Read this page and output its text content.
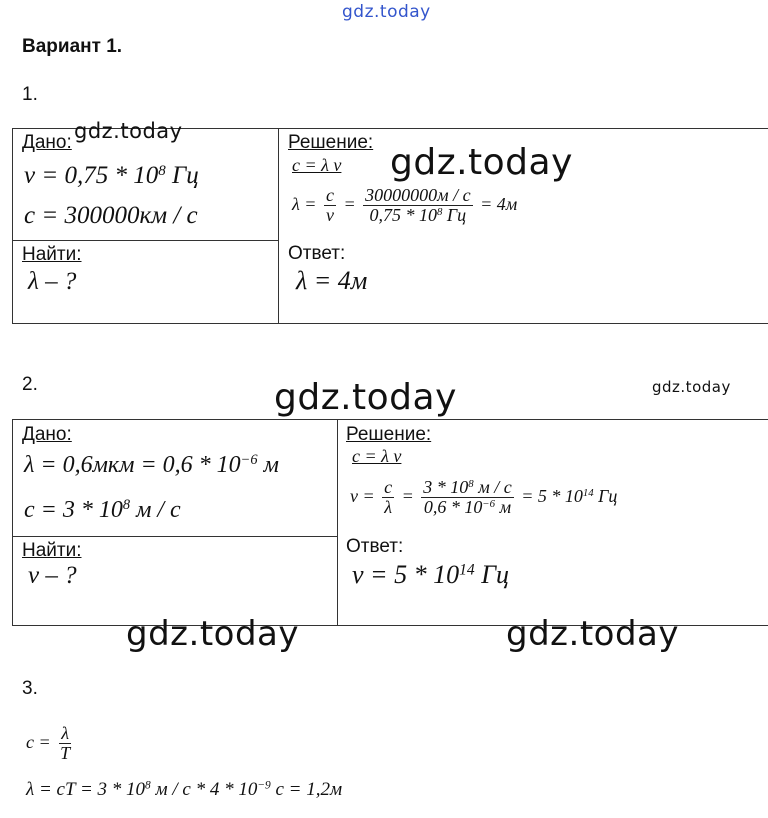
gdz.today
Вариант 1.
1.
Дано: gdz.today
$\nu = 0,75 * 10^8$ Гц
c = 300000км / с
Найти:
λ – ?
Решение:
c = λ ν gdz.today
$\lambda = \frac{c}{\nu} = \frac{30000000м / с}{0,75 * 10^8 Гц} = 4м$
Ответ:
λ = 4м
2.	gdz.today	gdz.today
Дано:
$\lambda = 0,6мкм = 0,6 * 10^{-6}$ м
$c = 3 * 10^8$ м / с
Найти:
ν – ?
Решение:
c = λ ν
$\nu = \frac{c}{\lambda} = \frac{3 * 10^8 м / с}{0,6 * 10^{-6} м} = 5 * 10^{14}$ Гц
Ответ:
$\nu = 5 * 10^{14}$ Гц
gdz.today	gdz.today
3.
$c = \frac{\lambda}{T}$
λ = cT = $3 * 10^8$ м / с * $4 * 10^{-9}$ с = 1,2м
